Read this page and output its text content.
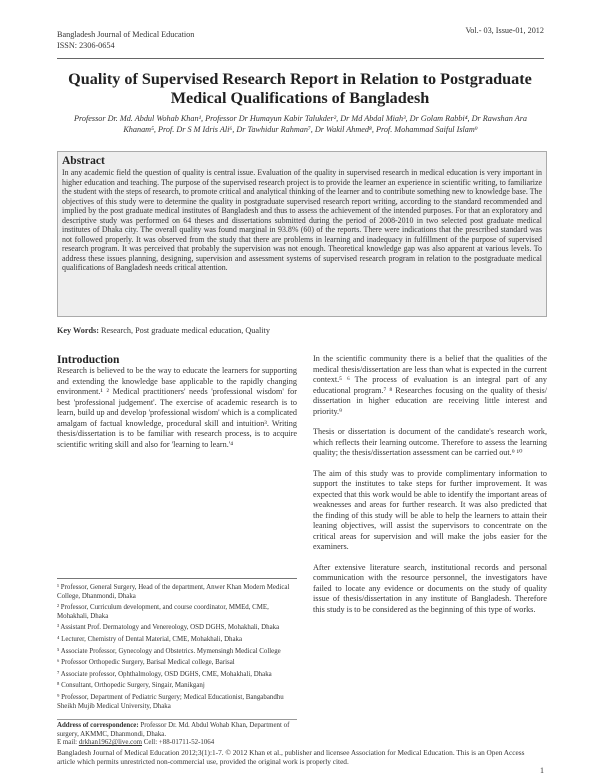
Bangladesh Journal of Medical Education
ISSN: 2306-0654
Vol.- 03, Issue-01, 2012
Quality of Supervised Research Report in Relation to Postgraduate Medical Qualifications of Bangladesh
Professor Dr. Md. Abdul Wohab Khan¹, Professor Dr Humayun Kabir Talukder², Dr Md Abdal Miah³, Dr Golam Rabbi⁴, Dr Rawshan Ara Khanam⁵, Prof. Dr S M Idris Ali⁶, Dr Tawhidur Rahman⁷, Dr Wakil Ahmed⁸, Prof. Mohammad Saiful Islam⁹
Abstract

In any academic field the question of quality is central issue. Evaluation of the quality in supervised research in medical education is very important in higher education and teaching. The purpose of the supervised research project is to provide the learner an experience in scientific writing, to familiarize the student with the steps of research, to promote critical and analytical thinking of the learner and to contribute something new to knowledge base. The objectives of this study were to determine the quality in postgraduate supervised research report writing, according to the standard recommended and implied by the post graduate medical institutes of Bangladesh and thus to assess the achievement of the intended purposes. For that an exploratory and descriptive study was performed on 64 theses and dissertations submitted during the period of 2008-2010 in two selected post graduate medical institutes of Dhaka city. The overall quality was found marginal in 93.8% (60) of the reports. There were indications that the prescribed standard was not followed properly. It was observed from the study that there are problems in learning and inadequacy in fulfillment of the purpose of supervised research program. It was perceived that probably the supervision was not enough. Theoretical knowledge gap was also apparent at various levels. To address these issues planning, designing, supervision and assessment systems of supervised research program in relation to the postgraduate medical qualifications of Bangladesh needs critical attention.

Key Words: Research, Post graduate medical education, Quality
Introduction
Research is believed to be the way to educate the learners for supporting and extending the knowledge base applicable to the rapidly changing environment.¹ ² Medical practitioners' needs 'professional wisdom' for best 'professional judgement'. The exercise of academic research is to learn, build up and develop 'professional wisdom' which is a complicated amalgam of factual knowledge, procedural skill and intuition³. Writing thesis/dissertation is to be familiar with research process, is to acquire scientific writing skill and also for 'learning to learn.'⁴
¹ Professor, General Surgery, Head of the department, Anwer Khan Modern Medical College, Dhanmondi, Dhaka
² Professor, Curriculum development, and course coordinator, MMEd, CME, Mohakhali, Dhaka
³ Assistant Prof. Dermatology and Venereology, OSD DGHS, Mohakhali, Dhaka
⁴ Lecturer, Chemistry of Dental Material, CME, Mohakhali, Dhaka
⁵ Associate Professor, Gynecology and Obstetrics. Mymensingh Medical College
⁶ Professor Orthopedic Surgery, Barisal Medical college, Barisal
⁷ Associate professor, Ophthalmology, OSD DGHS, CME, Mohakhali, Dhaka
⁸ Consultant, Orthopedic Surgery, Singair, Manikganj
⁹ Professor, Department of Pediatric Surgery; Medical Educationist, Bangabandhu Sheikh Mujib Medical University, Dhaka
Address of correspondence: Professor Dr. Md. Abdul Wohab Khan, Department of surgery, AKMMC, Dhanmondi, Dhaka.
E mail: drkhan1962@live.com Cell: +88-01711-52-1064

In the scientific community there is a belief that the qualities of the medical thesis/dissertation are less than what is expected in the current context.⁵ ⁶ The process of evaluation is an integral part of any educational program.⁷ ⁸ Researches focusing on the quality of thesis/ dissertation in higher education are receiving little interest and priority.⁹

Thesis or dissertation is document of the candidate's research work, which reflects their learning outcome. Therefore to assess the learning quality; the thesis/dissertation assessment can be carried out.⁹ ¹⁰

The aim of this study was to provide complimentary information to support the institutes to take steps for further improvement. It was expected that this work would be able to identify the important areas of weaknesses and areas for further research. It was also predicted that the finding of this study will be able to help the learners to attain their leaning objectives, will assist the supervisors to concentrate on the critical areas for supervision and will make the jobs easier for the examiners.

After extensive literature search, institutional records and personal communication with the resource personnel, the investigators have failed to locate any evidence or documents on the study of quality issue of thesis/dissertation in any institute of Bangladesh. Therefore this study is to be considered as the beginning of this type of works.

Bangladesh Journal of Medical Education 2012;3(1):1-7. © 2012 Khan et al., publisher and licensee Association for Medical Education. This is an Open Access article which permits unrestricted non-commercial use, provided the original work is properly cited.
1
